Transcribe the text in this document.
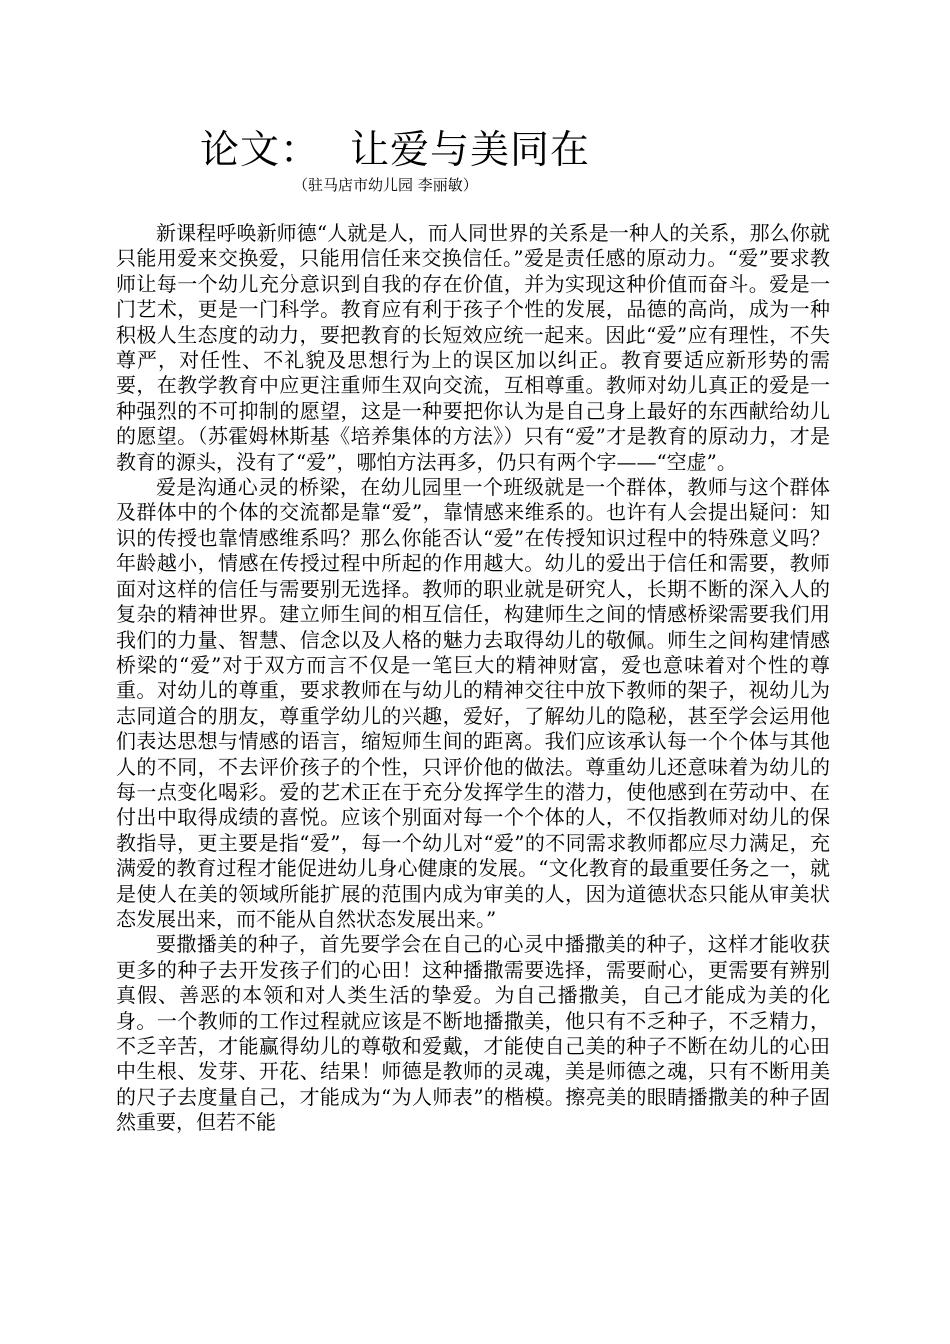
论文： 让爱与美同在
（驻马店市幼儿园 李丽敏）

新课程呼唤新师德“人就是人，而人同世界的关系是一种人的关系，那么你就只能用爱来交换爱，只能用信任来交换信任。”爱是责任感的原动力。“爱”要求教师让每一个幼儿充分意识到自我的存在价值，并为实现这种价值而奋斗。爱是一门艺术，更是一门科学。教育应有利于孩子个性的发展，品德的高尚，成为一种积极人生态度的动力，要把教育的长短效应统一起来。因此“爱”应有理性，不失尊严，对任性、不礼貌及思想行为上的误区加以纠正。教育要适应新形势的需要，在教学教育中应更注重师生双向交流，互相尊重。教师对幼儿真正的爱是一种强烈的不可抑制的愿望，这是一种要把你认为是自己身上最好的东西献给幼儿的愿望。（苏霍姆林斯基《培养集体的方法》）只有“爱”才是教育的原动力，才是教育的源头，没有了“爱”，哪怕方法再多，仍只有两个字——“空虚”。

爱是沟通心灵的桥梁，在幼儿园里一个班级就是一个群体，教师与这个群体及群体中的个体的交流都是靠“爱”，靠情感来维系的。也许有人会提出疑问：知识的传授也靠情感维系吗？那么你能否认“爱”在传授知识过程中的特殊意义吗？年龄越小，情感在传授过程中所起的作用越大。幼儿的爱出于信任和需要，教师面对这样的信任与需要别无选择。教师的职业就是研究人，长期不断的深入人的复杂的精神世界。建立师生间的相互信任，构建师生之间的情感桥梁需要我们用我们的力量、智慧、信念以及人格的魅力去取得幼儿的敬佩。师生之间构建情感桥梁的“爱”对于双方而言不仅是一笔巨大的精神财富，爱也意味着对个性的尊重。对幼儿的尊重，要求教师在与幼儿的精神交往中放下教师的架子，视幼儿为志同道合的朋友，尊重学幼儿的兴趣，爱好，了解幼儿的隐秘，甚至学会运用他们表达思想与情感的语言，缩短师生间的距离。我们应该承认每一个个体与其他人的不同，不去评价孩子的个性，只评价他的做法。尊重幼儿还意味着为幼儿的每一点变化喝彩。爱的艺术正在于充分发挥学生的潜力，使他感到在劳动中、在付出中取得成绩的喜悦。应该个别面对每一个个体的人，不仅指教师对幼儿的保教指导，更主要是指“爱”，每一个幼儿对“爱”的不同需求教师都应尽力满足，充满爱的教育过程才能促进幼儿身心健康的发展。“文化教育的最重要任务之一，就是使人在美的领域所能扩展的范围内成为审美的人，因为道德状态只能从审美状态发展出来，而不能从自然状态发展出来。”

要撒播美的种子，首先要学会在自己的心灵中播撒美的种子，这样才能收获更多的种子去开发孩子们的心田！这种播撒需要选择，需要耐心，更需要有辨别真假、善恶的本领和对人类生活的挚爱。为自己播撒美，自己才能成为美的化身。一个教师的工作过程就应该是不断地播撒美，他只有不乏种子，不乏精力，不乏辛苦，才能赢得幼儿的尊敬和爱戴，才能使自己美的种子不断在幼儿的心田中生根、发芽、开花、结果！师德是教师的灵魂，美是师德之魂，只有不断用美的尺子去度量自己，才能成为“为人师表”的楷模。擦亮美的眼睛播撒美的种子固然重要，但若不能
